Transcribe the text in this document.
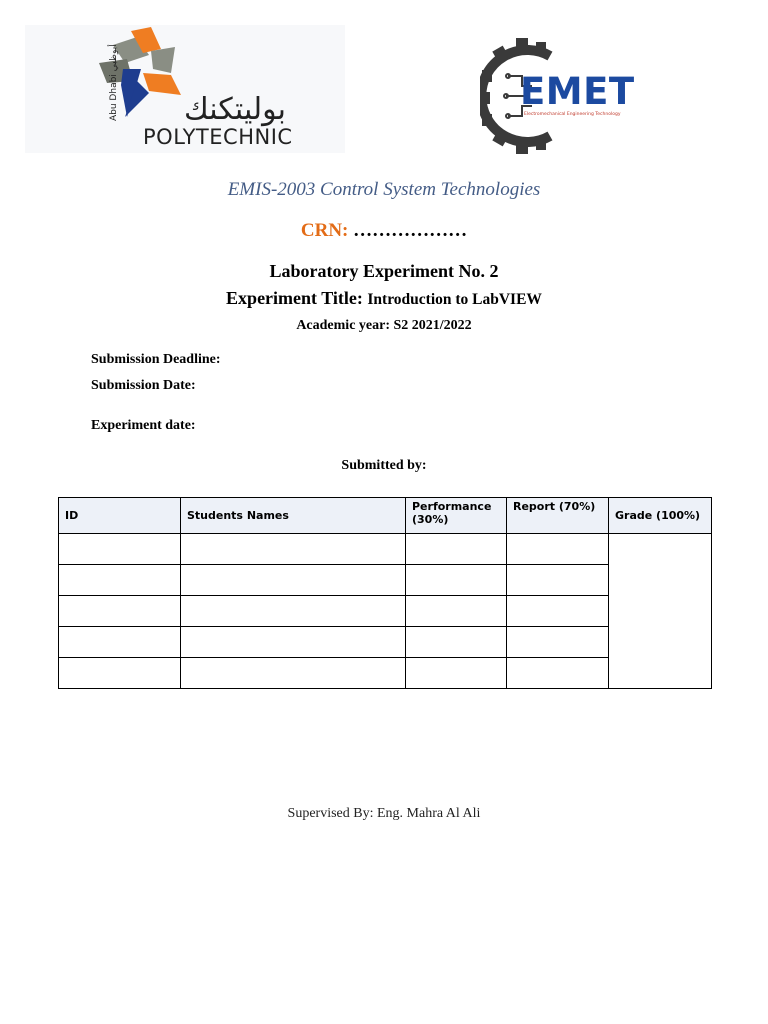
بوليتكنك
POLYTECHNIC
Abu Dhabi أبوظبي
EMET
Electromechanical Engineering Technology
EMIS-2003 Control System Technologies
CRN: ………………
Laboratory Experiment No. 2
Experiment Title: Introduction to LabVIEW
Academic year: S2 2021/2022
Submission Deadline:
Submission Date:
Experiment date:
Submitted by:
ID	Students Names	Performance (30%)	Report (70%)	Grade (100%)

Supervised By: Eng. Mahra Al Ali
